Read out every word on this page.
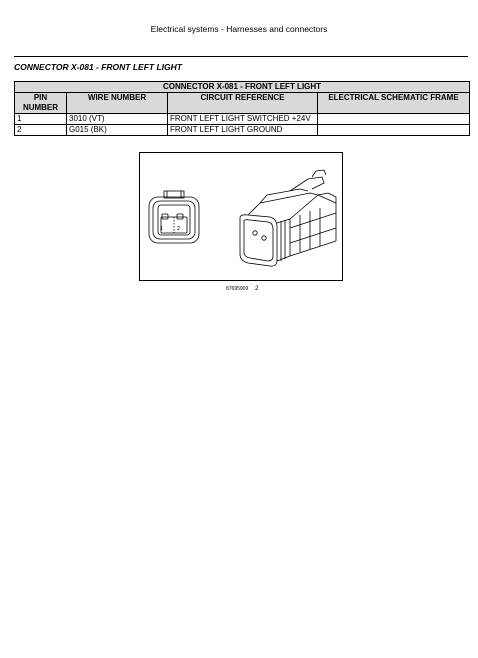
Electrical systems - Harnesses and connectors
CONNECTOR X-081 - FRONT LEFT LIGHT
CONNECTOR X-081 - FRONT LEFT LIGHT			
PIN NUMBER	WIRE NUMBER	CIRCUIT REFERENCE	ELECTRICAL SCHEMATIC FRAME
1	3010 (VT)	FRONT LEFT LIGHT SWITCHED +24V	
2	G015 (BK)	FRONT LEFT LIGHT GROUND	
1	2
87695909 2
